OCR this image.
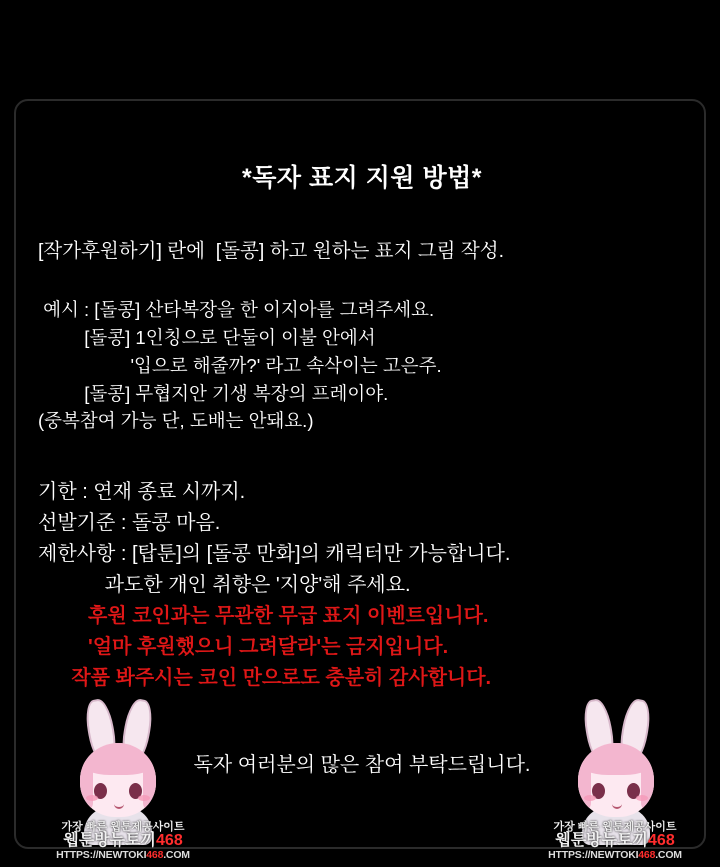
*독자 표지 지원 방법*
[작가후원하기] 란에  [돌콩] 하고 원하는 표지 그림 작성.
예시 : [돌콩] 산타복장을 한 이지아를 그려주세요.
[돌콩] 1인칭으로 단둘이 이불 안에서
'입으로 해줄까?' 라고 속삭이는 고은주.
[돌콩] 무협지안 기생 복장의 프레이야.
(중복참여 가능 단, 도배는 안돼요.)
기한 : 연재 종료 시까지.
선발기준 : 돌콩 마음.
제한사항 : [탑툰]의 [돌콩 만화]의 캐릭터만 가능합니다.
과도한 개인 취향은 '지양'해 주세요.
후원 코인과는 무관한 무급 표지 이벤트입니다.
'얼마 후원했으니 그려달라'는 금지입니다.
작품 봐주시는 코인 만으로도 충분히 감사합니다.
독자 여러분의 많은 참여 부탁드립니다.
가장 빠른 웹툰제공사이트
웹툰방뉴토끼468
HTTPS://NEWTOKI468.COM
가장 빠른 웹툰제공사이트
웹툰방뉴토끼468
HTTPS://NEWTOKI468.COM
